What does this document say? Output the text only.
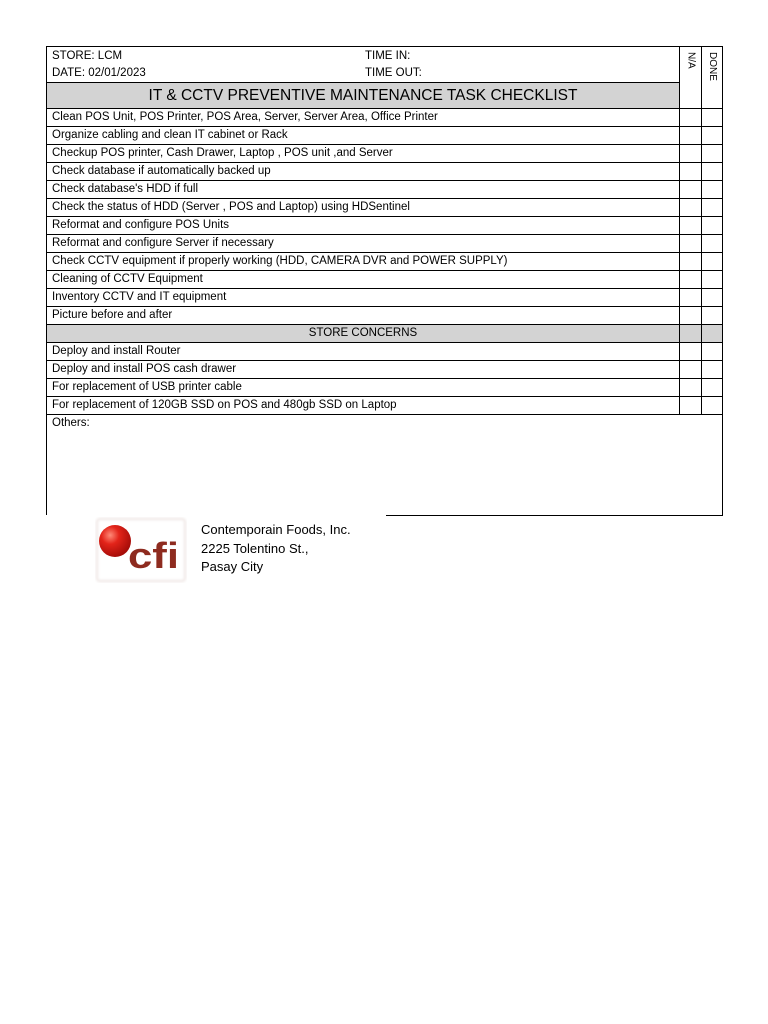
STORE: LCM	TIME IN:
DATE: 02/01/2023	TIME OUT:
IT & CCTV PREVENTIVE MAINTENANCE TASK CHECKLIST
N/A	DONE
Clean POS Unit, POS Printer, POS Area, Server, Server Area, Office Printer
Organize cabling and clean IT cabinet or Rack
Checkup POS printer, Cash Drawer, Laptop , POS unit ,and Server
Check database if automatically backed up
Check database's HDD if full
Check the status of HDD (Server , POS and Laptop) using HDSentinel
Reformat and configure POS Units
Reformat and configure Server if necessary
Check CCTV equipment if properly working (HDD, CAMERA DVR and POWER SUPPLY)
Cleaning of CCTV Equipment
Inventory CCTV and IT equipment
Picture before and after
STORE CONCERNS
Deploy and install Router
Deploy and install POS cash drawer
For replacement of USB printer cable
For replacement of 120GB SSD on POS and 480gb SSD on Laptop
Others:
cfi
Contemporain Foods, Inc.
2225 Tolentino St.,
Pasay City
